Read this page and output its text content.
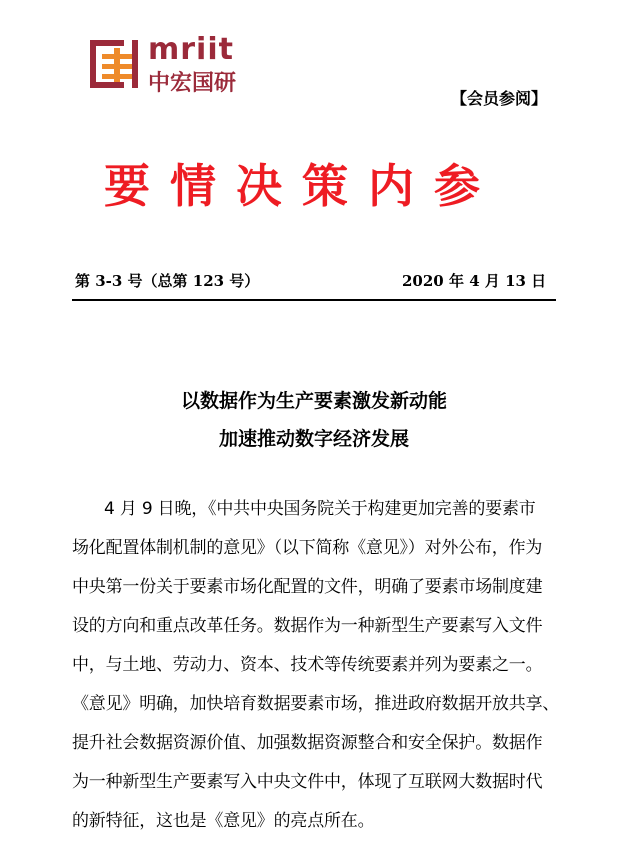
mriit
中宏国研
【会员参阅】
要情决策内参
第 3-3 号（总第 123 号）	2020 年 4 月 13 日
以数据作为生产要素激发新动能
加速推动数字经济发展
4 月 9 日晚，《中共中央国务院关于构建更加完善的要素市
场化配置体制机制的意见》（以下简称《意见》）对外公布，作为
中央第一份关于要素市场化配置的文件，明确了要素市场制度建
设的方向和重点改革任务。数据作为一种新型生产要素写入文件
中，与土地、劳动力、资本、技术等传统要素并列为要素之一。
《意见》明确，加快培育数据要素市场，推进政府数据开放共享、
提升社会数据资源价值、加强数据资源整合和安全保护。数据作
为一种新型生产要素写入中央文件中，体现了互联网大数据时代
的新特征，这也是《意见》的亮点所在。
